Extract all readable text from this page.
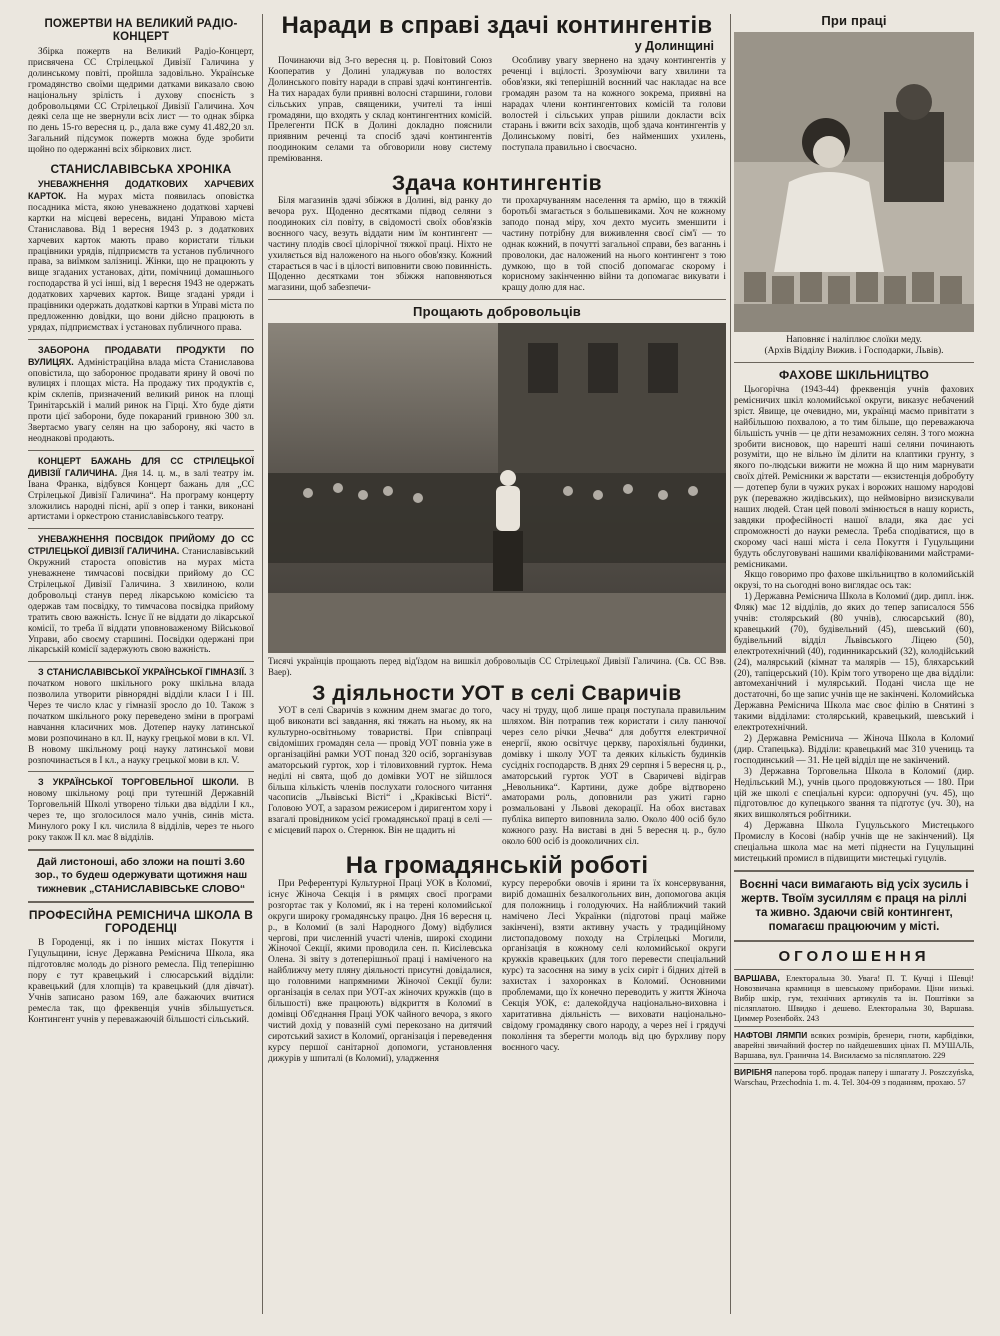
ПОЖЕРТВИ НА ВЕЛИКИЙ РАДІО-КОНЦЕРТ

Збірка пожертв на Великий Радіо-Концерт, присвячена СС Стрілецької Дивізії Галичина у долинському повіті, пройшла задовільно. Українське громадянство своїми щедрими датками виказало свою національну зрілість і духову споєність з добровольцями СС Стрілецької Дивізії Галичина. Хоч деякі села ще не звернули всіх лист — то однак збірка по день 15-го вересня ц. р., дала вже суму 41.482,20 зл. Загальний підсумок пожертв можна буде зробити щойно по одержанні всіх збіркових лист.

СТАНИСЛАВІВСЬКА ХРОНІКА

УНЕВАЖНЕННЯ ДОДАТКОВИХ ХАРЧЕВИХ КАРТОК. На мурах міста появилась оповістка посадника міста, якою уневажнено додаткові харчеві картки на місцеві вересень, видані Управою міста Станиславова. Від 1 вересня 1943 р. з додаткових харчевих карток мають право користати тільки працівники урядів, підприємств та установ публичного права, за виїмком залізниці. Жінки, що не працюють у вище згаданих установах, діти, помічниці домашнього господарства й усі інші, від 1 вересня 1943 не одержать додаткових харчевих карток. Вище згадані уряди і працівники одержать додаткові картки в Управі міста по предложенню довідки, що вони дійсно працюють в урядах, підприємствах і установах публичного права.

ЗАБОРОНА ПРОДАВАТИ ПРОДУКТИ ПО ВУЛИЦЯХ. Адміністраційна влада міста Станиславова оповістила, що заборонює продавати ярину й овочі по вулицях і площах міста. На продажу тих продуктів є, крім склепів, призначений великий ринок на площі Тринітарській і малий ринок на Гірці. Хто буде діяти проти цієї заборони, буде покараний гривною 300 зл. Звертаємо увагу селян на цю заборону, які часто в неоднакові продають.

КОНЦЕРТ БАЖАНЬ ДЛЯ СС СТРІЛЕЦЬКОЇ ДИВІЗІЇ ГАЛИЧИНА. Дня 14. ц. м., в залі театру ім. Івана Франка, відбувся Концерт бажань для „СС Стрілецької Дивізії Галичина“. На програму концерту зложились народні пісні, арії з опер і танки, виконані артистами і оркестрою станиславівського театру.

УНЕВАЖНЕННЯ ПОСВІДОК ПРИЙОМУ ДО СС СТРІЛЕЦЬКОЇ ДИВІЗІЇ ГАЛИЧИНА. Станиславівський Окружний староста оповістив на мурах міста уневажнене тимчасові посвідки прийому до СС Стрілецької Дивізії Галичина. З хвилиною, коли добровольці станув перед лікарською комісією та одержав там посвідку, то тимчасова посвідка прийому тратить свою важність. Існує її не віддати до лікарської комісії, то треба її віддати уповноваженому Військової Управи, або своєму старшині. Посвідки одержані при лікарській комісії задержують свою важність.

З СТАНИСЛАВІВСЬКОЇ УКРАЇНСЬКОЇ ГІМНАЗІЇ. З початком нового шкільного року шкільна влада позволила утворити рівнорядні відділи класи І і ІІІ. Через те число клас у гімназії зросло до 10. Також з початком шкільного року переведено зміни в програмі навчання класичних мов. Дотепер науку латинської мови розпочинано в кл. ІІ, науку грецької мови в кл. VI. В новому шкільному році науку латинської мови розпочинається в І кл., а науку грецької мови в кл. V.

З УКРАЇНСЬКОЇ ТОРГОВЕЛЬНОЇ ШКОЛИ. В новому шкільному році при тутешній Державній Торговельній Школі утворено тільки два відділи І кл., через те, що зголосилося мало учнів, синів міста. Минулого року І кл. числила 8 відділів, через те нього року також ІІ кл. має 8 відділів.

Дай листоноші, або зложи на пошті 3.60 зор., то будеш одержувати щотижня наш тижневик „СТАНИСЛАВІВСЬКЕ СЛОВО“
ПРОФЕСІЙНА РЕМІСНИЧА ШКОЛА В ГОРОДЕНЦІ

В Городенці, як і по інших містах Покуття і Гуцульщини, існує Державна Ремісничa Школа, яка підготовляє молодь до різного ремесла. Під теперішню пору є тут кравецький і слюсарський відділи: кравецький (для хлопців) та кравецький (для дівчат). Учнів записано разом 169, але бажаючих вчитися ремесла так, що фреквенція учнів збільшується. Контингент учнів у переважаючій більшості сільський.

Наради в справі здачі контингентів
у Долинщині

Починаючи від 3-го вересня ц. р. Повітовий Союз Кооператив у Долині уладжував по волостях Долинського повіту наради в справі здачі контингентів. На тих нарадах були приявні волосні старшини, голови сільських управ, священики, учителі та інші громадяни, що входять у склад контингентних комісій. Прелегенти ПСК в Долині докладно пояснили приявним реченці та спосіб здачі контингентів поодиноким селами та обговорили нову систему преміювання.

Особливу увагу звернено на здачу контингентів у реченці і вцілості. Зрозуміючи вагу хвилини та обов'язки, які теперішній воєнний час накладає на все громадян разом та на кожного зокрема, приявні на нарадах члени контингентових комісій та голови волостей і сільських управ рішили докласти всіх старань і вжити всіх заходів, щоб здача контингентів у Долинському повіті, без найменших ухилень, поступала правильно і своєчасно.

Здача контингентів

Біля магазинів здачі збіжжя в Долині, від ранку до вечора рух. Щоденно десятками підвод селяни з поодиноких сіл повіту, в свідомості своїх обов'язків воєнного часу, везуть віддати ним їм контингент — частину плодів своєї цілорічної тяжкої праці. Ніхто не ухиляється від наложеного на нього обов'язку. Кожний старається в час і в цілості виповнити свою повинність. Щоденно десятками тон збіжжя наповняються магазини, щоб забезпечи-

ти прохарчуванням населення та армію, що в тяжкій боротьбі змагається з большевиками. Хоч не кожному заподо понад міру, хоч дехто мусить зменшити і частину потрібну для виживлення своєї сім'ї — то однак кожний, в почутті загальної справи, без ваганнь і проволоки, дає наложений на нього контингент з тою думкою, що в той спосіб допомагає скорому і корисному закінченню війни та допомагає викувати і кращу долю для нас.

Прощають добровольців
Тисячі українців прощають перед від'їздом на вишкіл добровольців СС Стрілецької Дивізії Галичина. (Св. СС Вэв. Ваер).
З діяльности УОТ в селі Сваричів

УОТ в селі Сваричів з кожним днем змагає до того, щоб виконати всі завдання, які тяжать на ньому, як на культурно-освітньому товаристві. При співпраці свідоміших громадян села — провід УОТ повніа уже в організаційні рамки УОТ понад 320 осіб, зорганізував аматорський гурток, хор і тіловиховний гурток. Нема неділі ні свята, щоб до домівки УОТ не зійшлося більша кількість членів послухати голосного читання часописів „Львівські Вісті“ і „Краківські Вісті“. Головою УОТ, а заразом режисером і диригентом хору і взагалі провідником усієї громадянської праці в селі — є місцевий парох о. Стернюк. Він не щадить ні

часу ні труду, щоб лише праця поступала правильним шляхом. Він потрапив теж користати і силу панючої через село річки „Чечва“ для добуття електричної енергії, якою освітчує церкву, парохіяльні будинки, домівку і школу УОТ та деяких кількість будинків сусідніх господарств. В днях 29 серпня і 5 вересня ц. р., аматорський гурток УОТ в Сваричеві відіграв „Невольника“. Картини, дуже добре відтворено аматорами роль, доповнили раз ужиті гарно розмальовані у Львові декорації. На обох виставах публіка виперто виповнила залю. Около 400 осіб було кожного разу. На виставі в дні 5 вересня ц. р., було около 600 осіб із дооколичних сіл.

На громадянській роботі

При Референтурі Культурної Праці УОК в Коломиї, існує Жіноча Секція і в рямцях своєї програми розгортає так у Коломиї, як і на терені коломийської округи широку громадянську працю. Дня 16 вересня ц. р., в Коломиї (в залі Народного Дому) відбулися черговi, при численній участі членів, широкі сходини Жіночої Секції, якими проводила сен. п. Кисілевська Олена. Зі звіту з дотеперішньої праці і наміченого на найближчу мету пляну діяльності присутні довідалися, що головними напрямними Жіночої Секції були: організація в селах при УОТ-ах жіночих кружків (що в більшості) вже працюють) відкриття в Коломиї в домівці Об'єднання Праці УОК чайного вечора, з якого чистий дохід у повазній сумі перекозано на дитячий сиротський захист в Коломиї, організація і переведення курсу першої санітарної допомоги, установлення дижурів у шпиталі (в Коломиї), уладження

курсу переробки овочів і ярини та їх консервування, виріб домашніх безалкогольних вин, допомогова акція для положниць і голодуючих. На найближчий такий намічено Лесі Українки (підготові праці майже закінчені), взяти активну участь у традиційному листопадовому походу на Стрілецькі Могили, організація в кожному селі коломийської округи кружків кравецьких (для того перевести спеціальний курс) та засоєння на зиму в усіх сиріт і бідних дітей в захистах і захоронках в Коломиї. Основними проблемами, що їх конечно переводить у життя Жіноча Секція УОК, є: далекойдуча національно-виховна і харитативна діяльність — виховати національно-свідому громадянку свого народу, а через неї і грядучі покоління та зберегти молодь від цю бурхливу пору воєнного часу.

При праці
Наповняє і наліплює слоїки меду.
(Архів Відділу Вижив. і Господарки, Львів).
ФАХОВЕ ШКІЛЬНИЦТВО

Цьогорічна (1943-44) фреквенція учнів фахових ремісничих шкіл коломийської округи, виказує небачений зріст. Явище, це очевидно, ми, українці маємо привітати з найбільшою похвалою, а то тим більше, що переважаюча більшість учнів — це діти незаможних селян. З того можна зробити висновок, що нарешті наші селяни починають розуміти, що не вільно їм ділити на клаптики грунту, з якого по-людськи вижити не можна й що ним марнувати своїх дітей. Ремісники ж варстати — екзистенція добробуту — дотепер були в чужих руках і ворожих нашому народові рук (переважно жидівських), що неймовірно визискували наших людей. Стан цей поволі змінюється в нашу користь, завдяки професійності нашої влади, яка дає усі спроможності до науки ремесла. Треба сподіватися, що в скорому часі наші міста і села Покуття і Гуцульщини будуть обслуговувані нашими кваліфікованими майстрами-ремісниками.

Якщо говоримо про фахове шкільництво в коломийській окрузі, то на сьогодні воно виглядає ось так:

1) Державна Ремісничa Школа в Коломиї (дир. дипл. інж. Фляк) має 12 відділів, до яких до тепер записалося 556 учнів: столярський (80 учнів), слюсарський (80), кравецький (70), будівельний (45), шевський (60), будівельний відділ Львівського Ліцею (50), електротехнічний (40), годинникарський (32), колодійський (24), малярський (кімнат та малярів — 15), бляхарський (20), тапіцерський (10). Крім того утворено ще два відділи: автомеханічний і мулярський. Подані числа ще не достаточні, бо ще запис учнів ще не закінчені. Коломийська Державна Ремісничa Школа має своє філію в Снятині з такими відділами: столярський, кравецький, шевський і електротехнічний.

2) Державна Ремісничa — Жіноча Школа в Коломиї (дир. Стапецька). Відділи: кравецький має 310 учениць та господинський — 31. Не цей відділ ще не закінчений.

3) Державна Торговельна Школа в Коломиї (дир. Недільський М.), учнів цього продовжуються — 180. При цій же школі є спеціальні курси: одпоручні (уч. 45), що підготовлює до купецького звання та підготує (уч. 30), на яких вишколяться робітники.

4) Державна Школа Гуцульського Мистецького Промислу в Косові (набір учнів ще не закінчений). Ця спеціальна школа має на меті піднести на Гуцульщині мистецький промисл в підвищити мистецькі гуцулів.

Воєнні часи вимагають від усіх зусиль і жертв. Твоїм зусиллям є праця на ріллі та живно. Здаючи свій контингент, помагаєш працюючим у місті.
ОГОЛОШЕННЯ
ВАРШАВА, Електоральна 30. Увага! П. Т. Кучці і Шевці! Новозвичана крамниця в шевському приборами. Ціни низькі. Вибір шкір, гум, технічних артикулів та ін. Поштівки за післяплатою. Швидко і дешево. Електоральна 30, Варшава. Циммер Розенбойх. 243
НАФТОВІ ЛЯМПИ всяких розмірів, бренери, гноти, карбідівки, аварейні звичайний фостер по найдешевших цінах П. МУШАЛЬ, Варшава, вул. Гранична 14. Висилаємо за післяплатою. 229
ВИРІБНЯ паперова торб. продаж паперу і шпагату J. Poszczyńska, Warschau, Przechodnia 1. m. 4. Tel. 304-09 з поданням, прохаю. 57
